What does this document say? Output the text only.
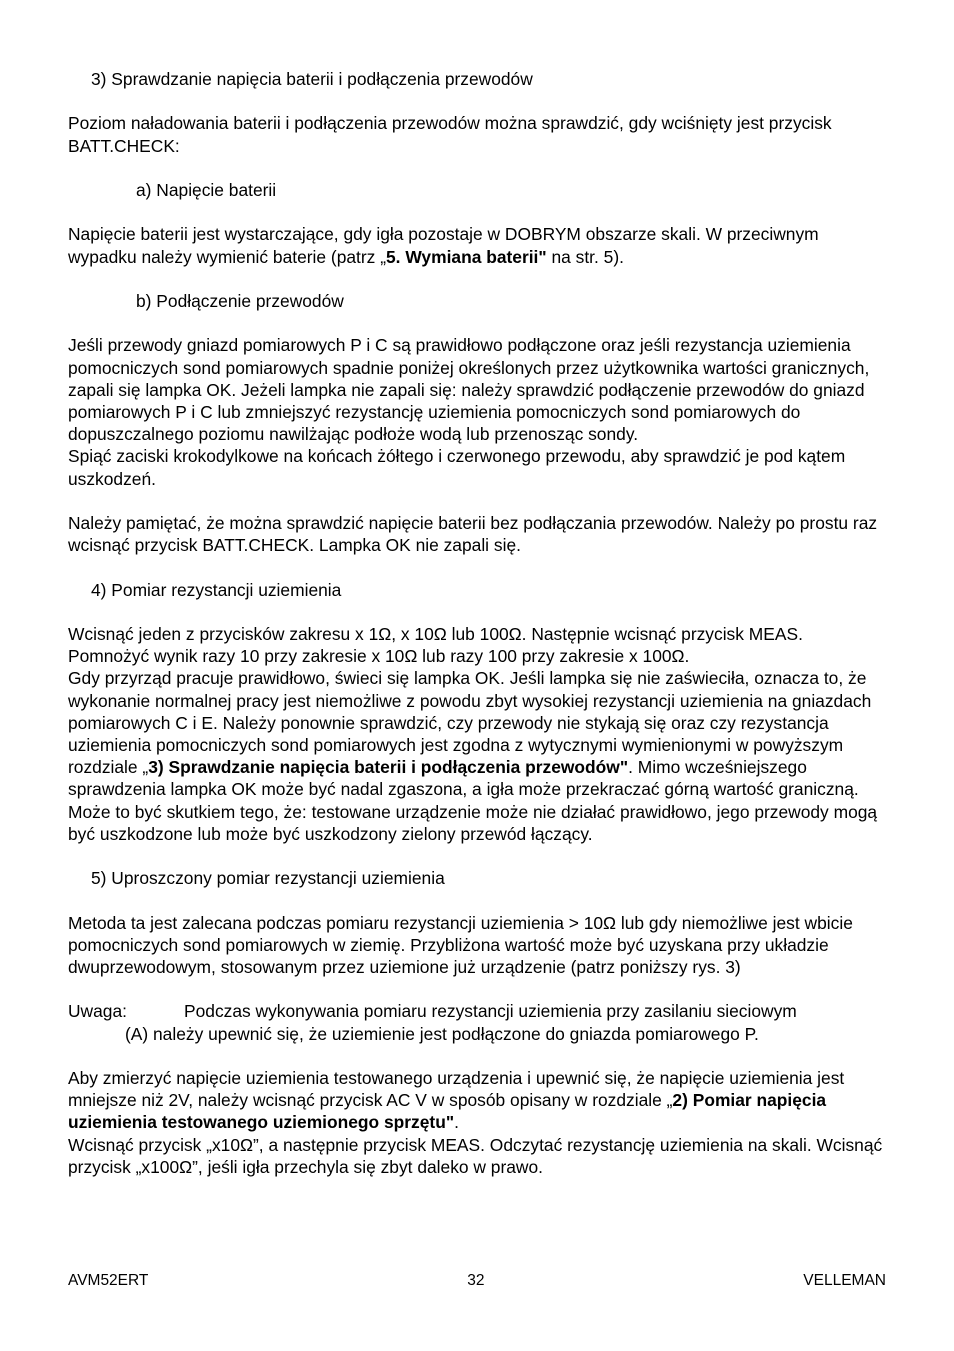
3) Sprawdzanie napięcia baterii i podłączenia przewodów

Poziom naładowania baterii i podłączenia przewodów można sprawdzić, gdy wciśnięty jest przycisk BATT.CHECK:

a) Napięcie baterii

Napięcie baterii jest wystarczające, gdy igła pozostaje w DOBRYM obszarze skali. W przeciwnym wypadku należy wymienić baterie (patrz „5. Wymiana baterii" na str. 5).

b) Podłączenie przewodów

Jeśli przewody gniazd pomiarowych P i C są prawidłowo podłączone oraz jeśli rezystancja uziemienia pomocniczych sond pomiarowych spadnie poniżej określonych przez użytkownika wartości granicznych, zapali się lampka OK. Jeżeli lampka nie zapali się: należy sprawdzić podłączenie przewodów do gniazd pomiarowych P i C lub zmniejszyć rezystancję uziemienia pomocniczych sond pomiarowych do dopuszczalnego poziomu nawilżając podłoże wodą lub przenosząc sondy.

Spiąć zaciski krokodylkowe na końcach żółtego i czerwonego przewodu, aby sprawdzić je pod kątem uszkodzeń.

Należy pamiętać, że można sprawdzić napięcie baterii bez podłączania przewodów. Należy po prostu raz wcisnąć przycisk BATT.CHECK. Lampka OK nie zapali się.

4) Pomiar rezystancji uziemienia

Wcisnąć jeden z przycisków zakresu x 1Ω, x 10Ω lub 100Ω. Następnie wcisnąć przycisk MEAS.

Pomnożyć wynik razy 10 przy zakresie x 10Ω lub razy 100 przy zakresie x 100Ω.

Gdy przyrząd pracuje prawidłowo, świeci się lampka OK. Jeśli lampka się nie zaświeciła, oznacza to, że wykonanie normalnej pracy jest niemożliwe z powodu zbyt wysokiej rezystancji uziemienia na gniazdach pomiarowych C i E. Należy ponownie sprawdzić, czy przewody nie stykają się oraz czy rezystancja uziemienia pomocniczych sond pomiarowych jest zgodna z wytycznymi wymienionymi w powyższym rozdziale „3) Sprawdzanie napięcia baterii i podłączenia przewodów". Mimo wcześniejszego sprawdzenia lampka OK może być nadal zgaszona, a igła może przekraczać górną wartość graniczną. Może to być skutkiem tego, że: testowane urządzenie może nie działać prawidłowo, jego przewody mogą być uszkodzone lub może być uszkodzony zielony przewód łączący.

5) Uproszczony pomiar rezystancji uziemienia

Metoda ta jest zalecana podczas pomiaru rezystancji uziemienia > 10Ω lub gdy niemożliwe jest wbicie pomocniczych sond pomiarowych w ziemię. Przybliżona wartość może być uzyskana przy układzie dwuprzewodowym, stosowanym przez uziemione już urządzenie (patrz poniższy rys. 3)

Uwaga:	Podczas wykonywania pomiaru rezystancji uziemienia przy zasilaniu sieciowym

(A) należy upewnić się, że uziemienie jest podłączone do gniazda pomiarowego P.

Aby zmierzyć napięcie uziemienia testowanego urządzenia i upewnić się, że napięcie uziemienia jest mniejsze niż 2V, należy wcisnąć przycisk AC V w sposób opisany w rozdziale „2) Pomiar napięcia uziemienia testowanego uziemionego sprzętu".

Wcisnąć przycisk „x10Ω”, a następnie przycisk MEAS. Odczytać rezystancję uziemienia na skali. Wcisnąć przycisk „x100Ω”, jeśli igła przechyla się zbyt daleko w prawo.

AVM52ERT	32	VELLEMAN
